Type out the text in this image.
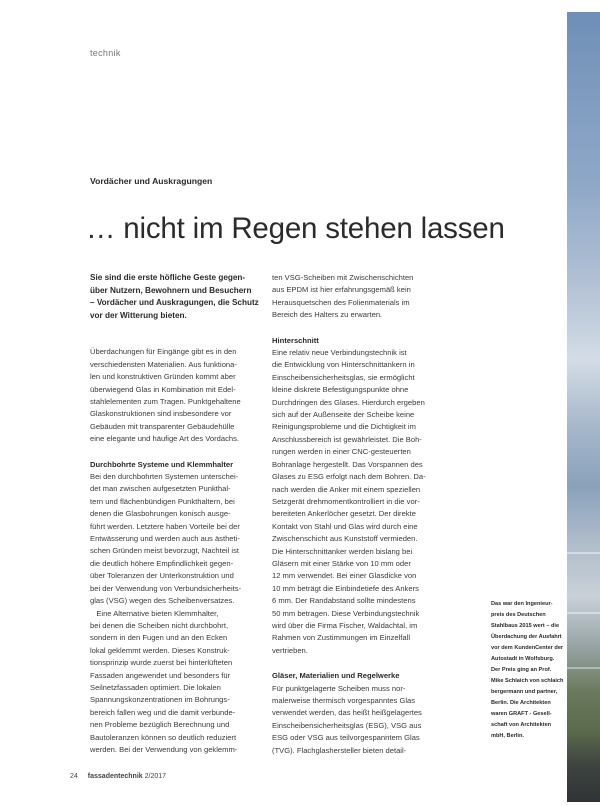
technik
Vordächer und Auskragungen
… nicht im Regen stehen lassen
Sie sind die erste höfliche Geste gegen-
über Nutzern, Bewohnern und Besuchern
– Vordächer und Auskragungen, die Schutz
vor der Witterung bieten.
Überdachungen für Eingänge gibt es in den
verschiedensten Materialien. Aus funktiona-
len und konstruktiven Gründen kommt aber
überwiegend Glas in Kombination mit Edel-
stahlelementen zum Tragen. Punktgehaltene
Glaskonstruktionen sind insbesondere vor
Gebäuden mit transparenter Gebäudehülle
eine elegante und häufige Art des Vordachs.
Durchbohrte Systeme und Klemmhalter
Bei den durchbohrten Systemen unterschei-
det man zwischen aufgesetzten Punkthal-
tern und flächenbündigen Punkthaltern, bei
denen die Glasbohrungen konisch ausge-
führt werden. Letztere haben Vorteile bei der
Entwässerung und werden auch aus ästheti-
schen Gründen meist bevorzugt, Nachteil ist
die deutlich höhere Empfindlichkeit gegen-
über Toleranzen der Unterkonstruktion und
bei der Verwendung von Verbundsicherheits-
glas (VSG) wegen des Scheibenversatzes.
Eine Alternative bieten Klemmhalter,
bei denen die Scheiben nicht durchbohrt,
sondern in den Fugen und an den Ecken
lokal geklemmt werden. Dieses Konstruk-
tionsprinzip wurde zuerst bei hinterlüfteten
Fassaden angewendet und besonders für
Seilnetzfassaden optimiert. Die lokalen
Spannungskonzentrationen im Bohrungs-
bereich fallen weg und die damit verbunde-
nen Probleme bezüglich Berechnung und
Bautoleranzen können so deutlich reduziert
werden. Bei der Verwendung von geklemm-
ten VSG-Scheiben mit Zwischenschichten
aus EPDM ist hier erfahrungsgemäß kein
Herausquetschen des Folienmaterials im
Bereich des Halters zu erwarten.
Hinterschnitt
Eine relativ neue Verbindungstechnik ist
die Entwicklung von Hinterschnittankern in
Einscheibensicherheitsglas, sie ermöglicht
kleine diskrete Befestigungspunkte ohne
Durchdringen des Glases. Hierdurch ergeben
sich auf der Außenseite der Scheibe keine
Reinigungsprobleme und die Dichtigkeit im
Anschlussbereich ist gewährleistet. Die Boh-
rungen werden in einer CNC-gesteuerten
Bohranlage hergestellt. Das Vorspannen des
Glases zu ESG erfolgt nach dem Bohren. Da-
nach werden die Anker mit einem speziellen
Setzgerät drehmomentkontrolliert in die vor-
bereiteten Ankerlöcher gesetzt. Der direkte
Kontakt von Stahl und Glas wird durch eine
Zwischenschicht aus Kunststoff vermieden.
Die Hinterschnittanker werden bislang bei
Gläsern mit einer Stärke von 10 mm oder
12 mm verwendet. Bei einer Glasdicke von
10 mm beträgt die Einbindetiefe des Ankers
6 mm. Der Randabstand sollte mindestens
50 mm betragen. Diese Verbindungstechnik
wird über die Firma Fischer, Waldachtal, im
Rahmen von Zustimmungen im Einzelfall
vertrieben.
Gläser, Materialien und Regelwerke
Für punktgelagerte Scheiben muss nor-
malerweise thermisch vorgespanntes Glas
verwendet werden, das heißt heißgelagertes
Einscheibensicherheitsglas (ESG), VSG aus
ESG oder VSG aus teilvorgespanntem Glas
(TVG). Flachglashersteller bieten detail-
Das war den Ingenieur-
preis des Deutschen
Stahlbaus 2015 wert – die
Überdachung der Ausfahrt
vor dem KundenCenter der
Autostadt in Wolfsburg.
Der Preis ging an Prof.
Mike Schlaich von schlaich
bergermann und partner,
Berlin. Die Architekten
waren GRAFT - Gesell-
schaft von Architekten
mbH, Berlin.
24 fassadentechnik 2/2017
